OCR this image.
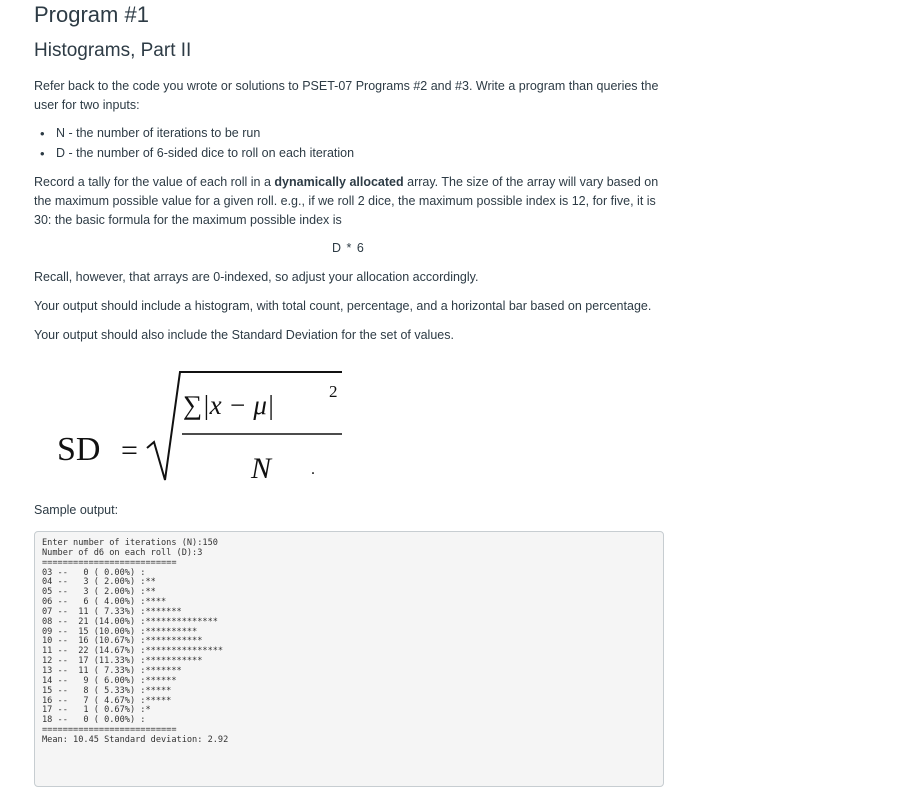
Program #1
Histograms, Part II

Refer back to the code you wrote or solutions to PSET-07 Programs #2 and #3. Write a program than queries the user for two inputs:

• N - the number of iterations to be run
• D - the number of 6-sided dice to roll on each iteration

Record a tally for the value of each roll in a dynamically allocated array. The size of the array will vary based on the maximum possible value for a given roll. e.g., if we roll 2 dice, the maximum possible index is 12, for five, it is 30: the basic formula for the maximum possible index is

D * 6

Recall, however, that arrays are 0-indexed, so adjust your allocation accordingly.

Your output should include a histogram, with total count, percentage, and a horizontal bar based on percentage.

Your output should also include the Standard Deviation for the set of values.

SD =
∑|x − μ|	2
N .

Sample output:

Enter number of iterations (N):150
Number of d6 on each roll (D):3
==========================
03 --   0 ( 0.00%) :
04 --   3 ( 2.00%) :**
05 --   3 ( 2.00%) :**
06 --   6 ( 4.00%) :****
07 --  11 ( 7.33%) :*******
08 --  21 (14.00%) :**************
09 --  15 (10.00%) :**********
10 --  16 (10.67%) :***********
11 --  22 (14.67%) :***************
12 --  17 (11.33%) :***********
13 --  11 ( 7.33%) :*******
14 --   9 ( 6.00%) :******
15 --   8 ( 5.33%) :*****
16 --   7 ( 4.67%) :*****
17 --   1 ( 0.67%) :*
18 --   0 ( 0.00%) :
==========================
Mean: 10.45 Standard deviation: 2.92
